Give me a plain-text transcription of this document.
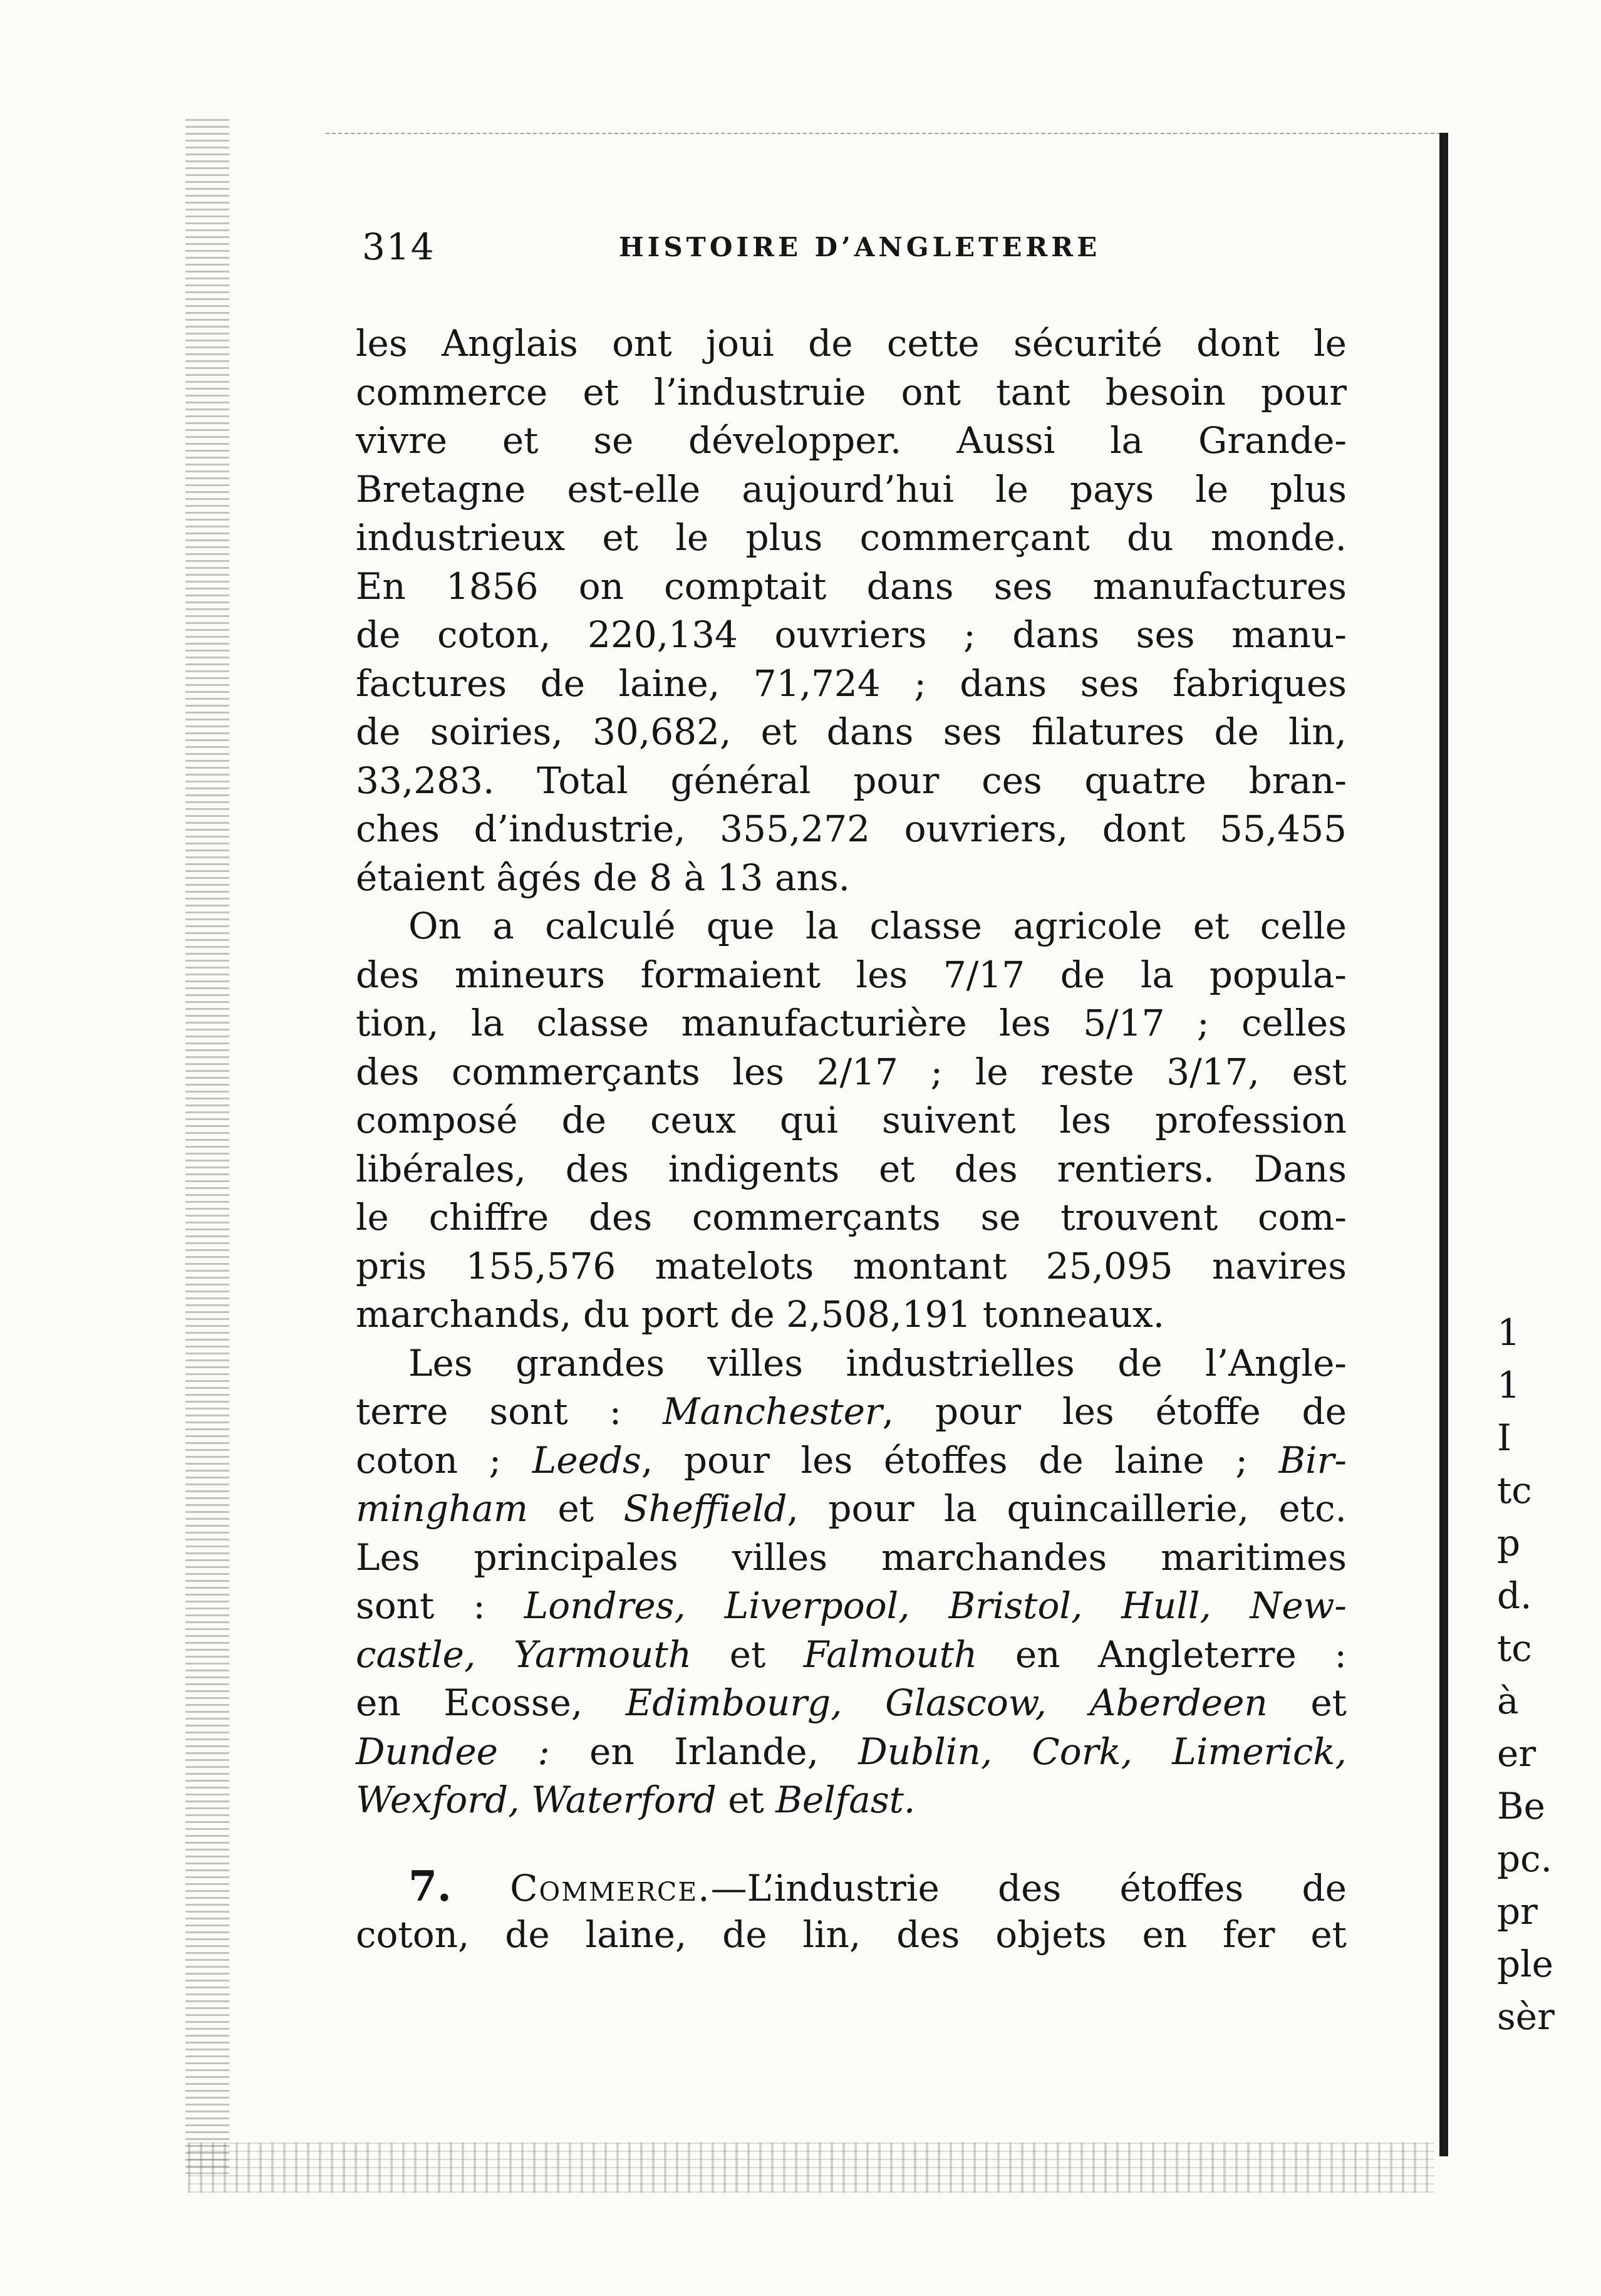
314	HISTOIRE D’ANGLETERRE
les Anglais ont joui de cette sécurité dont le
commerce et l’industruie ont tant besoin pour
vivre et se développer. Aussi la Grande-
Bretagne est-elle aujourd’hui le pays le plus
industrieux et le plus commerçant du monde.
En 1856 on comptait dans ses manufactures
de coton, 220,134 ouvriers ; dans ses manu-
factures de laine, 71,724 ; dans ses fabriques
de soiries, 30,682, et dans ses filatures de lin,
33,283. Total général pour ces quatre bran-
ches d’industrie, 355,272 ouvriers, dont 55,455
étaient âgés de 8 à 13 ans.
On a calculé que la classe agricole et celle
des mineurs formaient les 7/17 de la popula-
tion, la classe manufacturière les 5/17 ; celles
des commerçants les 2/17 ; le reste 3/17, est
composé de ceux qui suivent les profession
libérales, des indigents et des rentiers. Dans
le chiffre des commerçants se trouvent com-
pris 155,576 matelots montant 25,095 navires
marchands, du port de 2,508,191 tonneaux.
Les grandes villes industrielles de l’Angle-
terre sont : Manchester, pour les étoffe de
coton ; Leeds, pour les étoffes de laine ; Bir-
mingham et Sheffield, pour la quincaillerie, etc.
Les principales villes marchandes maritimes
sont : Londres, Liverpool, Bristol, Hull, New-
castle, Yarmouth et Falmouth en Angleterre :
en Ecosse, Edimbourg, Glascow, Aberdeen et
Dundee : en Irlande, Dublin, Cork, Limerick,
Wexford, Waterford et Belfast.
7. Commerce.—L’industrie des étoffes de
coton, de laine, de lin, des objets en fer et
1
1
I
tc
p
d.
tc
à
er
Be
pc.
pr
ple
sèr
